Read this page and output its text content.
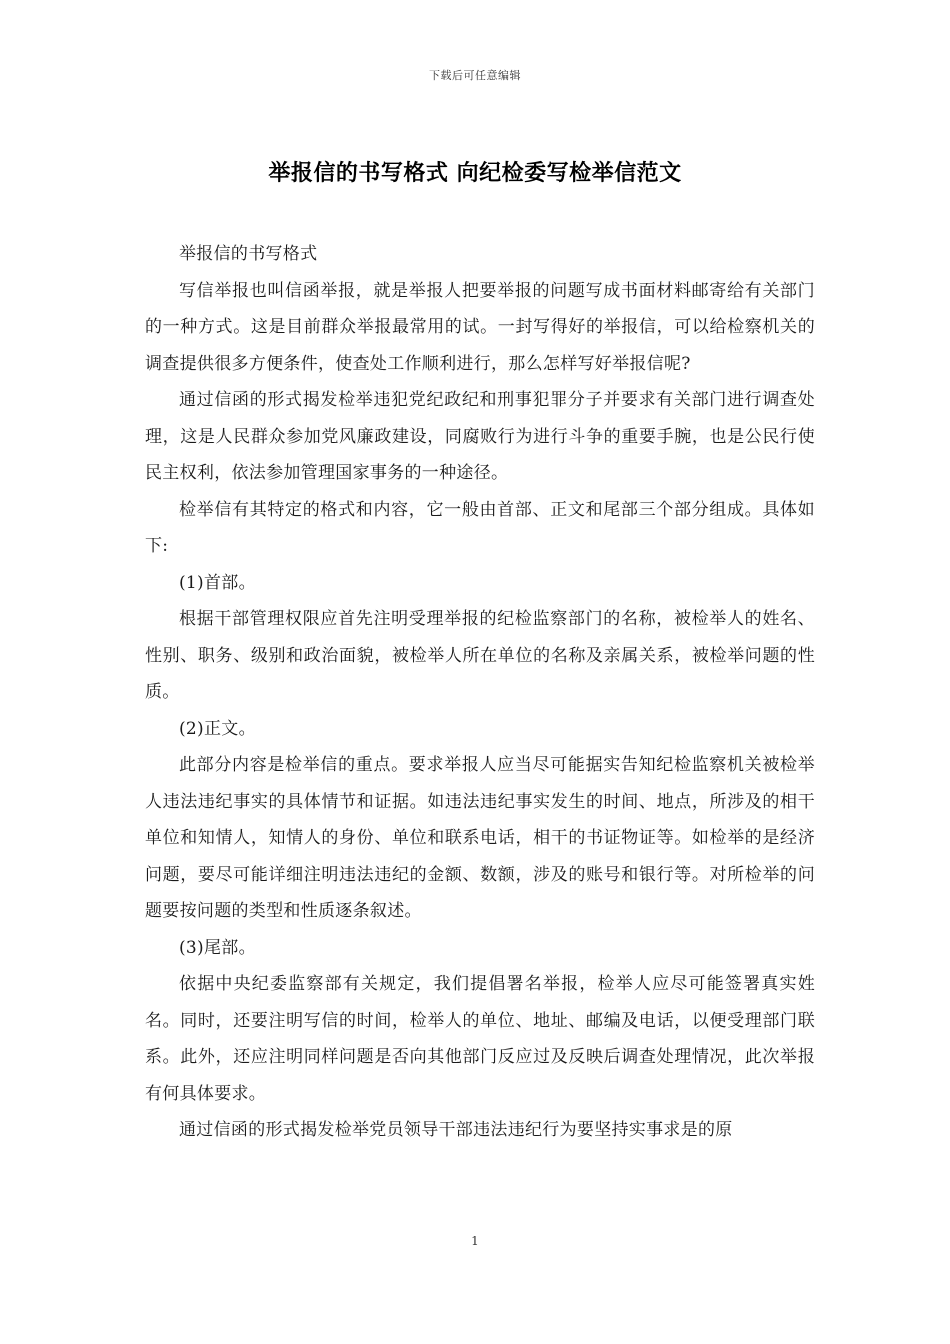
下载后可任意编辑
举报信的书写格式 向纪检委写检举信范文

举报信的书写格式

写信举报也叫信函举报，就是举报人把要举报的问题写成书面材料邮寄给有关部门的一种方式。这是目前群众举报最常用的试。一封写得好的举报信，可以给检察机关的调查提供很多方便条件，使查处工作顺利进行，那么怎样写好举报信呢?

通过信函的形式揭发检举违犯党纪政纪和刑事犯罪分子并要求有关部门进行调查处理，这是人民群众参加党风廉政建设，同腐败行为进行斗争的重要手腕，也是公民行使民主权利，依法参加管理国家事务的一种途径。

检举信有其特定的格式和内容，它一般由首部、正文和尾部三个部分组成。具体如下:

(1)首部。

根据干部管理权限应首先注明受理举报的纪检监察部门的名称，被检举人的姓名、性别、职务、级别和政治面貌，被检举人所在单位的名称及亲属关系，被检举问题的性质。

(2)正文。

此部分内容是检举信的重点。要求举报人应当尽可能据实告知纪检监察机关被检举人违法违纪事实的具体情节和证据。如违法违纪事实发生的时间、地点，所涉及的相干单位和知情人，知情人的身份、单位和联系电话，相干的书证物证等。如检举的是经济问题，要尽可能详细注明违法违纪的金额、数额，涉及的账号和银行等。对所检举的问题要按问题的类型和性质逐条叙述。

(3)尾部。

依据中央纪委监察部有关规定，我们提倡署名举报，检举人应尽可能签署真实姓名。同时，还要注明写信的时间，检举人的单位、地址、邮编及电话，以便受理部门联系。此外，还应注明同样问题是否向其他部门反应过及反映后调查处理情况，此次举报有何具体要求。

通过信函的形式揭发检举党员领导干部违法违纪行为要坚持实事求是的原

1
